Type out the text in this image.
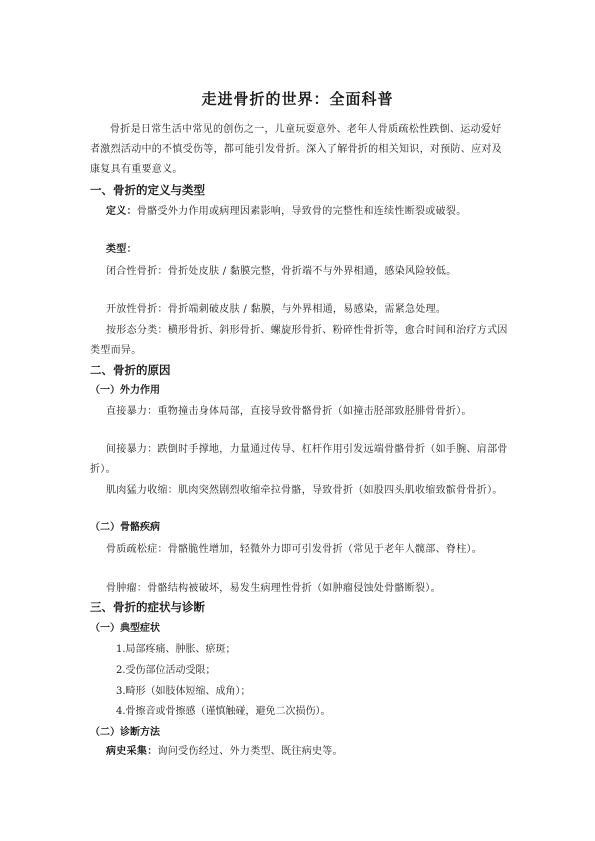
走进骨折的世界：全面科普

骨折是日常生活中常见的创伤之一，儿童玩耍意外、老年人骨质疏松性跌倒、运动爱好者激烈活动中的不慎受伤等，都可能引发骨折。深入了解骨折的相关知识，对预防、应对及康复具有重要意义。

一、骨折的定义与类型

定义：骨骼受外力作用或病理因素影响，导致骨的完整性和连续性断裂或破裂。

类型：

闭合性骨折：骨折处皮肤 / 黏膜完整，骨折端不与外界相通，感染风险较低。

开放性骨折：骨折端刺破皮肤 / 黏膜，与外界相通，易感染，需紧急处理。

按形态分类：横形骨折、斜形骨折、螺旋形骨折、粉碎性骨折等，愈合时间和治疗方式因类型而异。

二、骨折的原因
（一）外力作用

直接暴力：重物撞击身体局部，直接导致骨骼骨折（如撞击胫部致胫腓骨骨折）。

间接暴力：跌倒时手撑地，力量通过传导、杠杆作用引发远端骨骼骨折（如手腕、肩部骨折）。

肌肉猛力收缩：肌肉突然剧烈收缩牵拉骨骼，导致骨折（如股四头肌收缩致髌骨骨折）。

（二）骨骼疾病

骨质疏松症：骨骼脆性增加，轻微外力即可引发骨折（常见于老年人髋部、脊柱）。

骨肿瘤：骨骼结构被破坏，易发生病理性骨折（如肿瘤侵蚀处骨骼断裂）。

三、骨折的症状与诊断
（一）典型症状

1.局部疼痛、肿胀、瘀斑；

2.受伤部位活动受限；

3.畸形（如肢体短缩、成角）；

4.骨擦音或骨擦感（谨慎触碰，避免二次损伤）。

（二）诊断方法

病史采集：询问受伤经过、外力类型、既往病史等。
